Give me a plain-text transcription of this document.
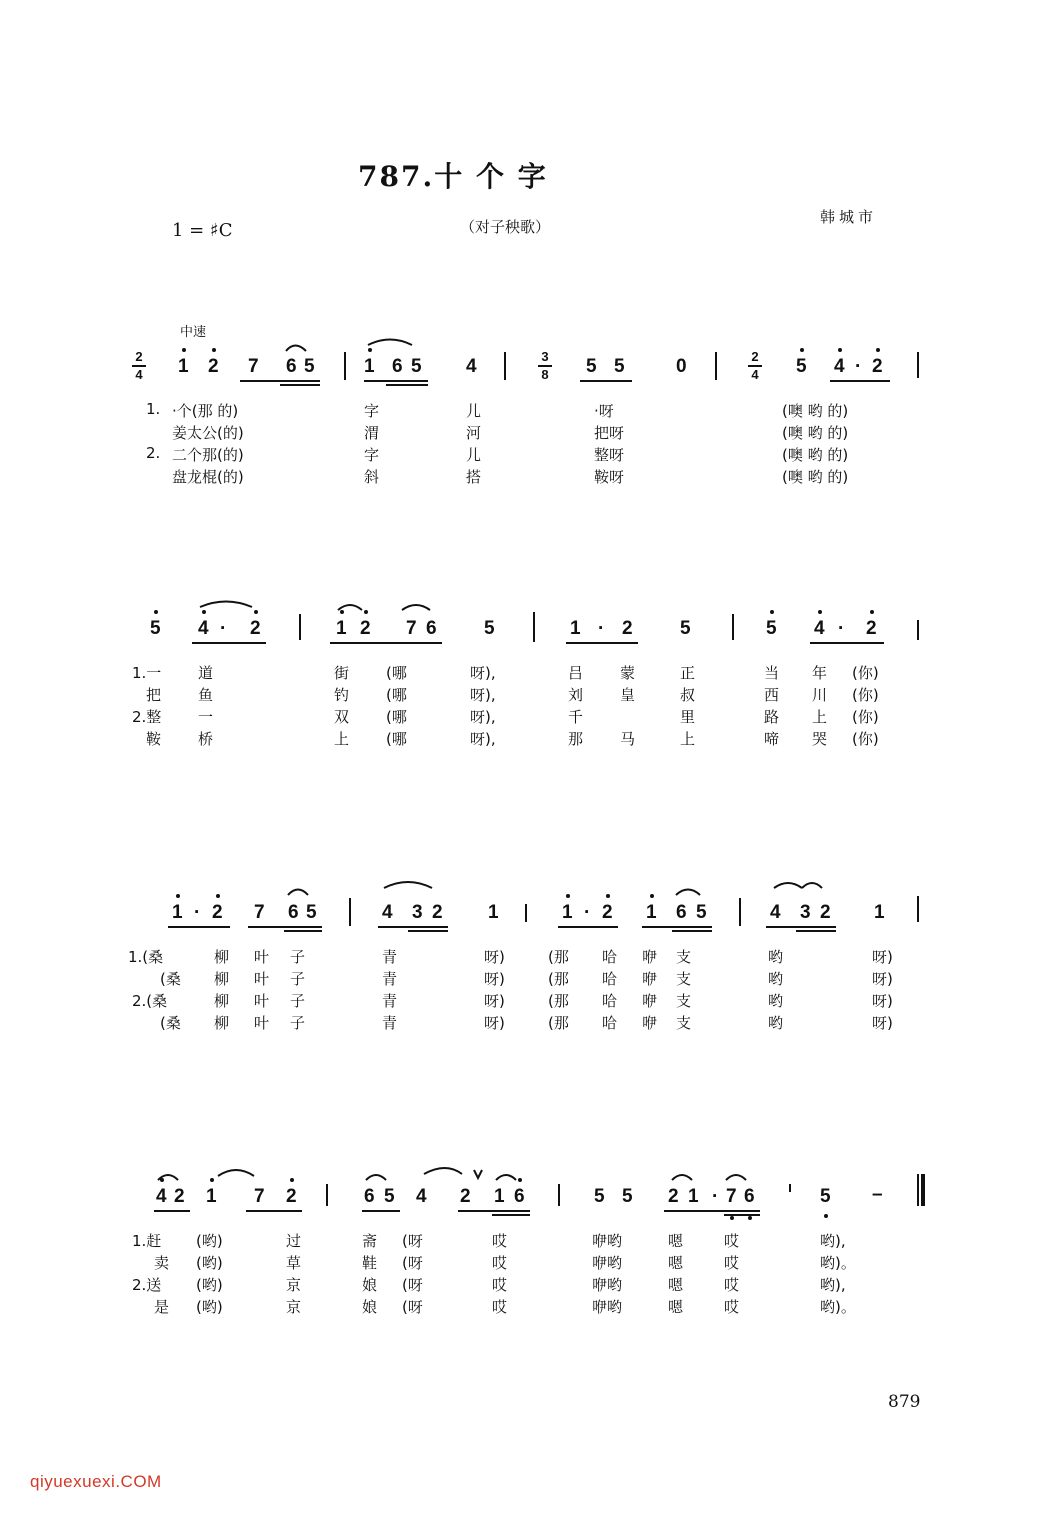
787.十 个 字
1 = ♯C	（对子秧歌）
韩城市
中速
2
4
3
8
2
4
1 2 7 6 5	1 6 5 4	5 5	0	5 4 · 2
1. ·个(那 的)	字	儿	·呀	(噢 哟 的)
姜太公(的)	渭	河	把呀	(噢 哟 的)
2. 二个那(的)	字	儿	整呀	(噢 哟 的)
盘龙棍(的)	斜	搭	鞍呀	(噢 哟 的)
5 4 · 2	1 2 7 6 5	1 · 2 5	5 4 · 2
1.一 道	街 (哪	呀),	吕 蒙	正	当 年 (你)
把 鱼	钓 (哪	呀),	刘 皇	叔	西 川 (你)
2.整 一	双 (哪	呀),	千	里	路 上 (你)
鞍 桥	上 (哪	呀),	那 马	上	啼 哭 (你)
1 · 2 7 6 5	4 3 2 1	1 · 2 1 6 5	4 3 2 1
1.(桑	柳 叶 子	青	呀)	(那 哈 咿 支	哟	呀)
(桑 柳 叶 子	青	呀)	(那 哈 咿 支	哟	呀)
2.(桑	柳 叶 子	青	呀)	(那 哈 咿 支	哟	呀)
(桑 柳 叶 子	青	呀)	(那 哈 咿 支	哟	呀)
4 2 1 7 2	6 5 4 2 1 6	5 5 2 1 · 7 6	5 –
1.赶 (哟)	过	斋 (呀	哎	咿哟	嗯	哎	哟),
卖 (哟)	草	鞋 (呀	哎	咿哟	嗯	哎	哟)。
2.送 (哟)	京	娘 (呀	哎	咿哟	嗯	哎	哟),
是 (哟)	京	娘 (呀	哎	咿哟	嗯	哎	哟)。
879
qiyuexuexi.COM
